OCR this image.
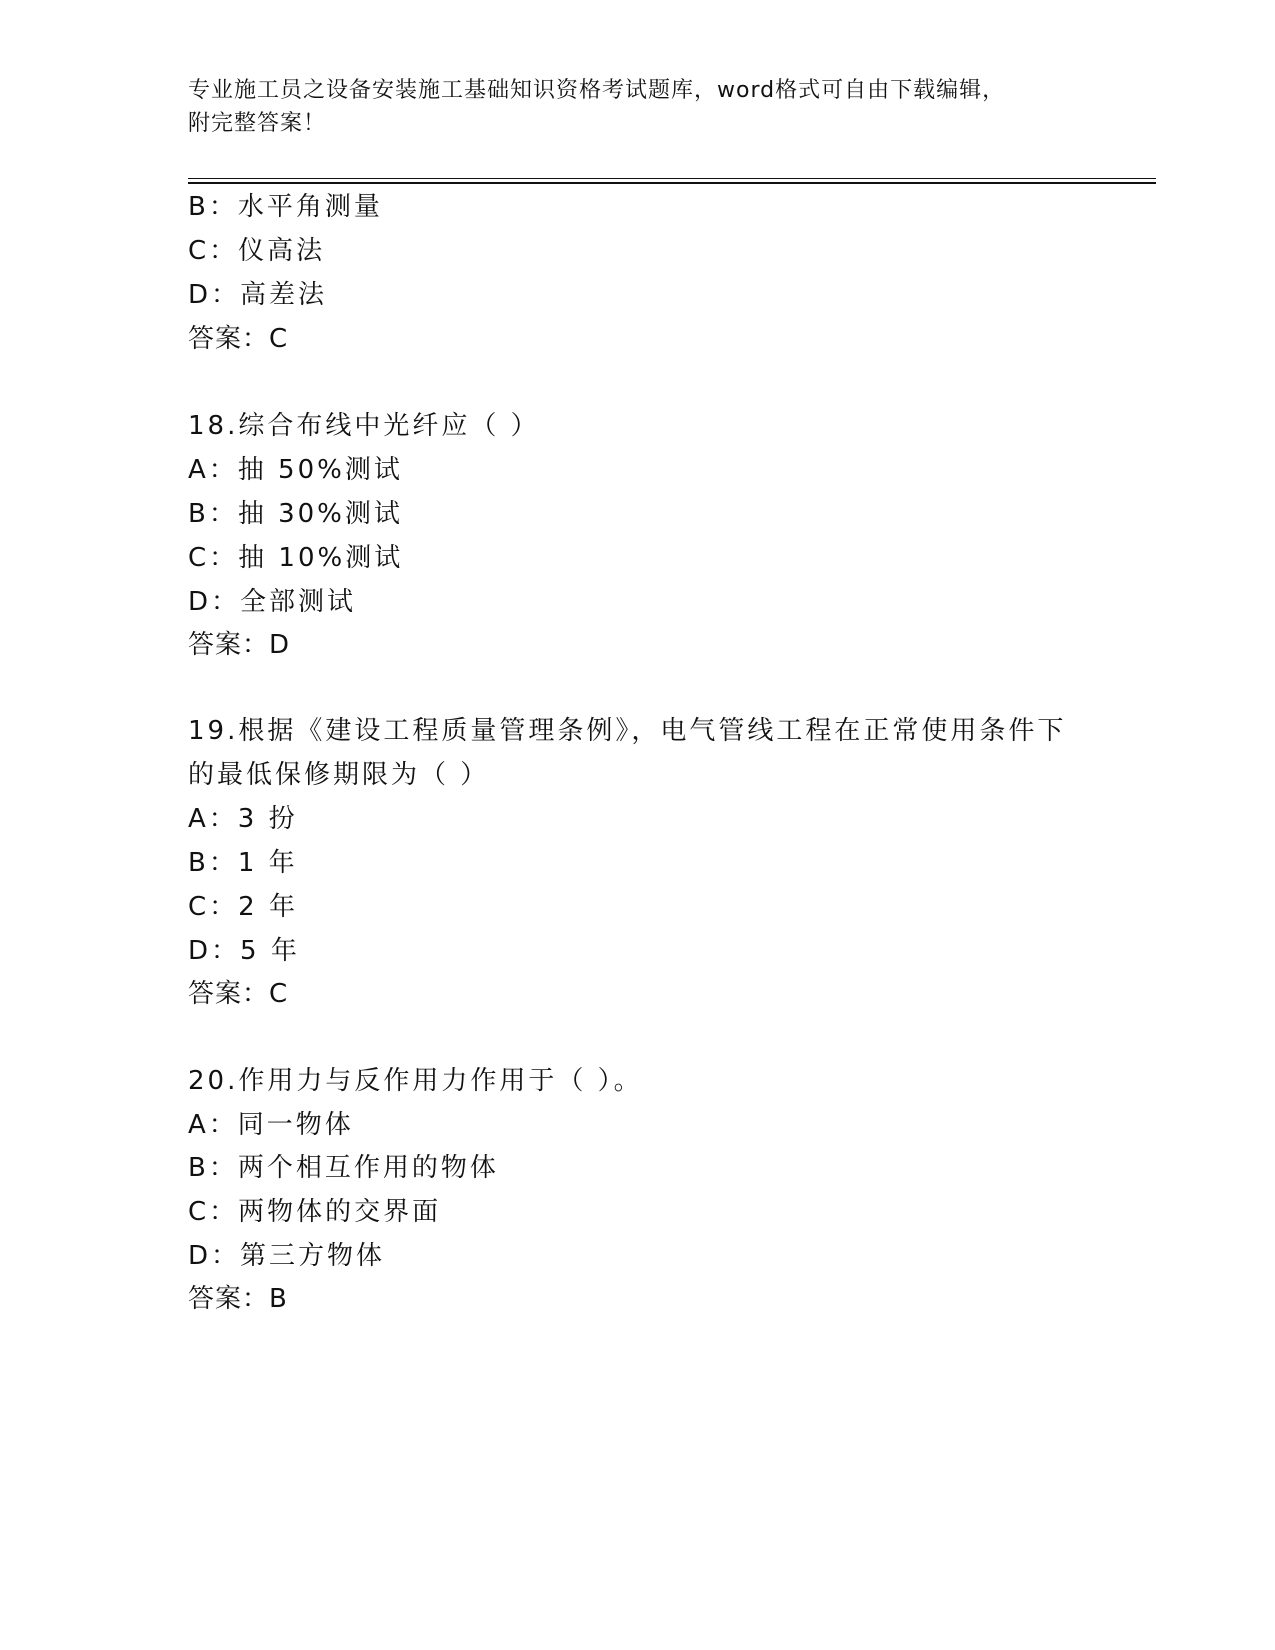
专业施工员之设备安装施工基础知识资格考试题库，word格式可自由下载编辑，
附完整答案！
B：水平角测量
C：仪高法
D：高差法
答案：C
18.综合布线中光纤应（ ）
A：抽 50%测试
B：抽 30%测试
C：抽 10%测试
D：全部测试
答案：D
19.根据《建设工程质量管理条例》，电气管线工程在正常使用条件下
的最低保修期限为（ ）
A：3 扮
B：1 年
C：2 年
D：5 年
答案：C
20.作用力与反作用力作用于（ ）。
A：同一物体
B：两个相互作用的物体
C：两物体的交界面
D：第三方物体
答案：B
